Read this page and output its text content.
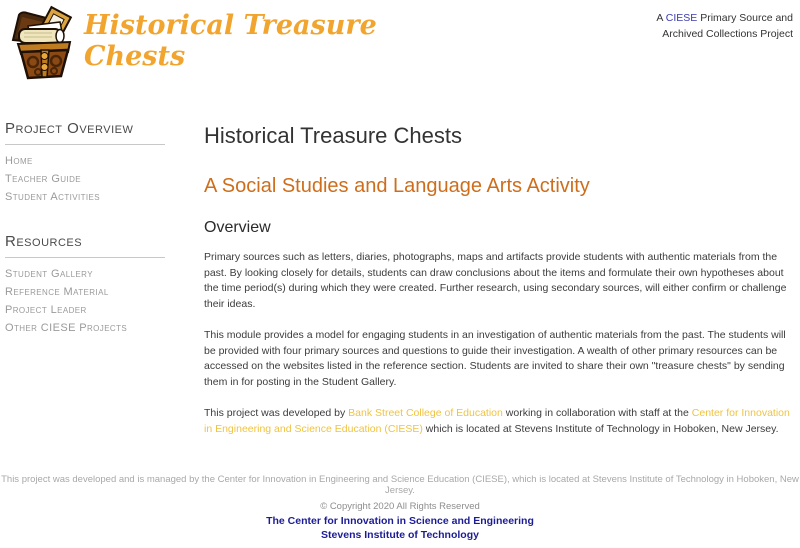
Historical Treasure
Chests
A CIESE Primary Source and
Archived Collections Project
Project Overview
Home
Teacher Guide
Student Activities
Resources
Student Gallery
Reference Material
Project Leader
Other CIESE Projects
Historical Treasure Chests
A Social Studies and Language Arts Activity
Overview

Primary sources such as letters, diaries, photographs, maps and artifacts provide students with authentic materials from the past. By looking closely for details, students can draw conclusions about the items and formulate their own hypotheses about the time period(s) during which they were created. Further research, using secondary sources, will either confirm or challenge their ideas.

This module provides a model for engaging students in an investigation of authentic materials from the past. The students will be provided with four primary sources and questions to guide their investigation. A wealth of other primary resources can be accessed on the websites listed in the reference section. Students are invited to share their own "treasure chests" by sending them in for posting in the Student Gallery.

This project was developed by Bank Street College of Education working in collaboration with staff at the Center for Innovation in Engineering and Science Education (CIESE) which is located at Stevens Institute of Technology in Hoboken, New Jersey.

This project was developed and is managed by the Center for Innovation in Engineering and Science Education (CIESE), which is located at Stevens Institute of Technology in Hoboken, New Jersey.
© Copyright 2020 All Rights Reserved
The Center for Innovation in Science and Engineering
Stevens Institute of Technology
